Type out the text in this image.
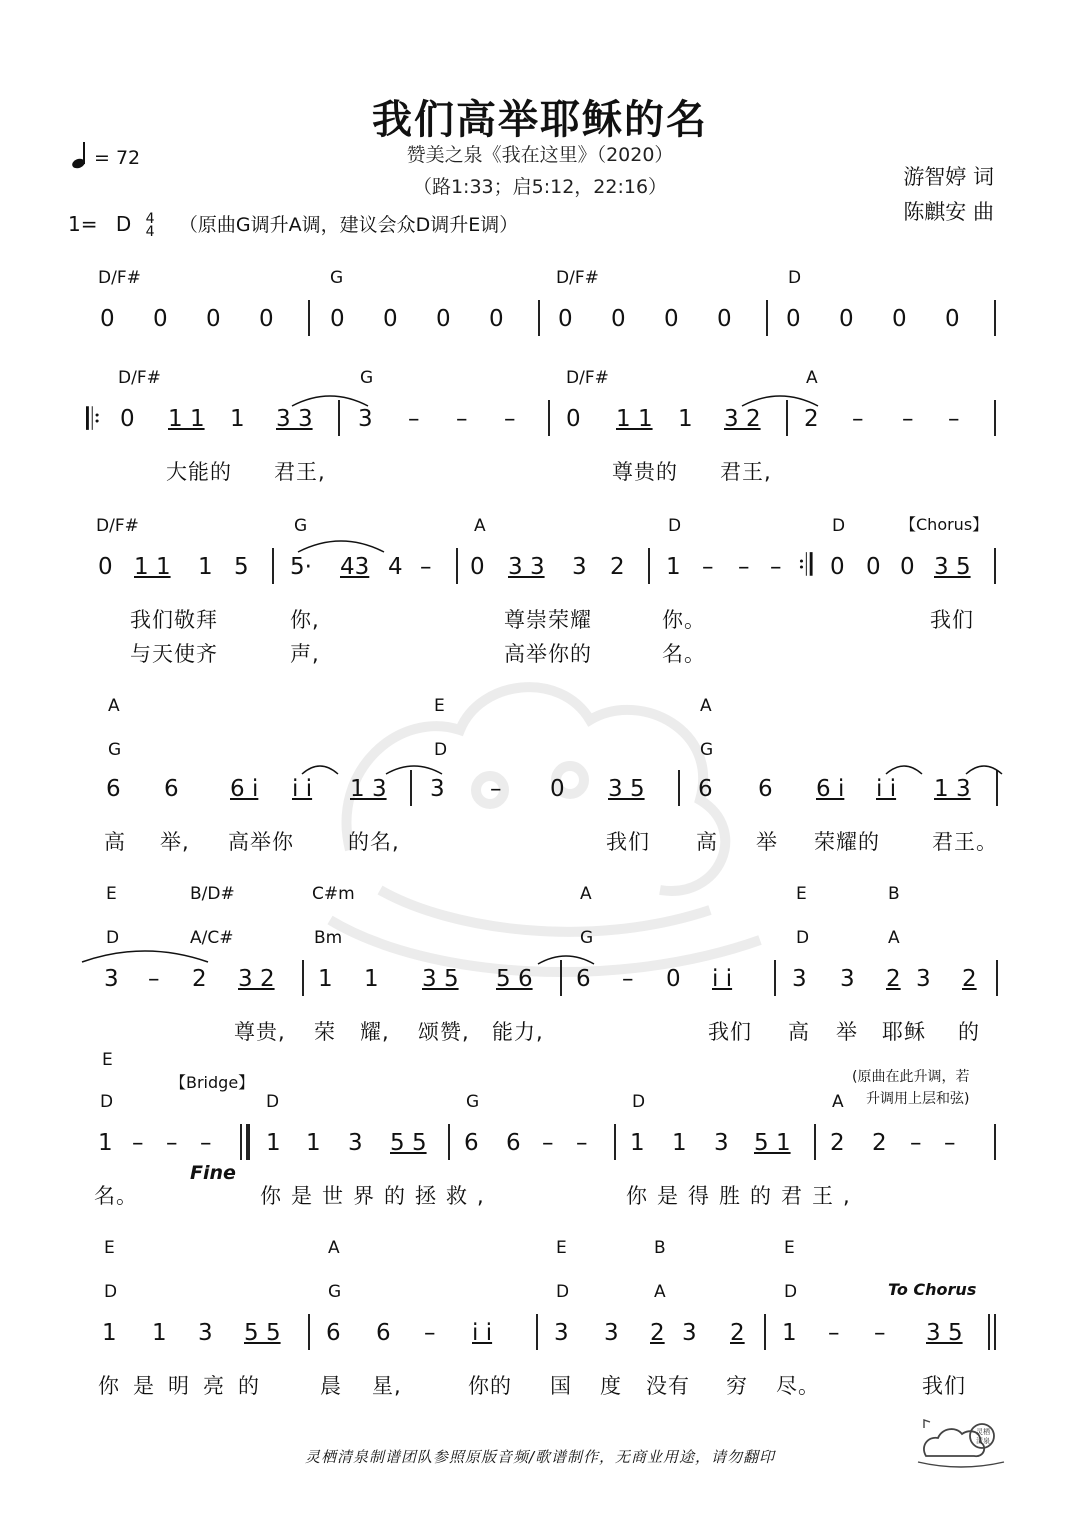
我们高举耶稣的名
赞美之泉《我在这里》（2020）
（路1:33；启5:12，22:16）
= 72
1= D 4
4 （原曲G调升A调，建议会众D调升E调）
游智婷 词
陈麒安 曲
D/F#	G	D/F#	D
0 0 0 0 0 0 0 0 0 0 0 0 0 0 0 0
D/F#	G	D/F#	A
𝄆 0 1 1 1 3 3 3 – – – 0 1 1 1 3 2 2 – – –
大能的 君王,	尊贵的 君王,
D/F#	G	A	D	D	【Chorus】
0 1 1 1 5 5· 43 4 – 0 3 3 3 2 1 – – – 𝄇 0 0 0 3 5
我们敬拜	你,	尊崇荣耀	你。	我们
与天使齐	声,	高举你的	名。
A	E	A
G	D	G
6 6 6 i̇ i̇ i̇ 1 3 3 – 0 3 5 6 6 6 i̇ i̇ i̇ 1 3
高 举, 高举你	的名,	我们 高 举 荣耀的 君王。
E	B/D#	C#m	A	E	B
D	A/C#	Bm	G	D	A
3 – 2 3 2 1 1 3 5 5 6 6 – 0 i̇ i̇	3 3 2 3 2
尊贵, 荣 耀, 颂赞, 能力,	我们 高 举 耶稣 的
E
【Bridge】	(原曲在此升调，若
升调用上层和弦)
A
D	D	G	D
1 – – –
Fine
1 1 3 5 5 6 6 – – 1 1 3 5 1 2 2 – –
名。	你是世界的拯救,	你是得胜的君王,
E	A	E	B	E
D	G	D	A	D	To Chorus
1 1 3 5 5 6 6 – i̇ i̇	3 3 2 3 2 1 – – 3 5
你是明亮的 晨 星,	你的 国 度 没有 穷 尽。	我们
灵栖清泉制谱团队参照原版音频/歌谱制作，无商业用途，请勿翻印
灵栖
清泉
